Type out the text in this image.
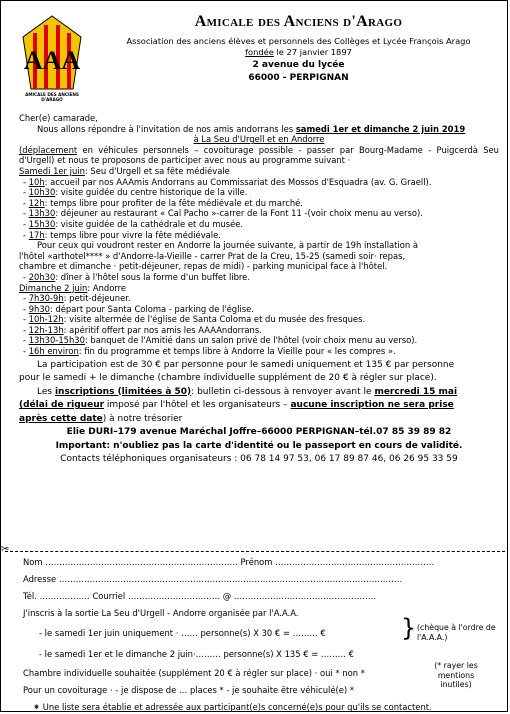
AAA
AMICALE DES ANCIENS
D'ARAGO
Amicale des Anciens d'Arago
Association des anciens élèves et personnels des Collèges et Lycée François Arago
fondée le 27 janvier 1897
2 avenue du lycée
66000 - PERPIGNAN
Cher(e) camarade,
Nous allons répondre à l'invitation de nos amis andorrans les samedi 1er et dimanche 2 juin 2019
à La Seu d'Urgell et en Andorre
(déplacement en véhicules personnels – covoiturage possible - passer par Bourg-Madame - Puigcerdà Seu d'Urgell) et nous te proposons de participer avec nous au programme suivant ·
Samedi 1er juin: Seu d'Urgell et sa fête médiévale
- 10h: accueil par nos AAAmis Andorrans au Commissariat des Mossos d'Esquadra (av. G. Graell).
- 10h30: visite guidée du centre historique de la ville.
- 12h: temps libre pour profiter de la fête médiévale et du marché.
- 13h30: déjeuner au restaurant « Cal Pacho »-carrer de la Font 11 -(voir choix menu au verso).
- 15h30: visite guidée de la cathédrale et du musée.
- 17h: temps libre pour vivre la fête médiévale.
Pour ceux qui voudront rester en Andorre la journée suivante, à partir de 19h installation à
l'hôtel «arthotel**** » d'Andorre-la-Vieille - carrer Prat de la Creu, 15-25 (samedi soir· repas,
chambre et dimanche · petit-déjeuner, repas de midi) - parking municipal face à l'hôtel.
- 20h30: dîner à l'hôtel sous la forme d'un buffet libre.
Dimanche 2 juin: Andorre
- 7h30-9h: petit-déjeuner.
- 9h30: départ pour Santa Coloma - parking de l'église.
- 10h-12h: visite altermée de l'église de Santa Coloma et du musée des fresques.
- 12h-13h: apéritif offert par nos amis les AAAAndorrans.
- 13h30-15h30: banquet de l'Amitié dans un salon privé de l'hôtel (voir choix menu au verso).
- 16h environ: fin du programme et temps libre à Andorre la Vieille pour « les compres ».
La participation est de 30 € par personne pour le samedi uniquement et 135 € par personne
pour le samedi + le dimanche (chambre individuelle supplément de 20 € à régler sur place).
Les inscriptions (limitées à 50): bulletin ci-dessous à renvoyer avant le mercredi 15 mai
(délai de rigueur imposé par l'hôtel et les organisateurs – aucune inscription ne sera prise
après cette date) à notre trésorier
Elie DURI–179 avenue Maréchal Joffre–66000 PERPIGNAN–tél.07 85 39 89 82
Important: n'oubliez pas la carte d'identité ou le passeport en cours de validité.
Contacts téléphoniques organisateurs : 06 78 14 97 53, 06 17 89 87 46, 06 26 95 33 59
✂
Nom …………………………………………………………… Prénom …………………………………………………
Adresse ……………………………………………………………………………………………………………
Tél. ……………… Courriel …………………………… @ ……………………………………………
J'inscris à la sortie La Seu d'Urgell - Andorre organisée par l'A.A.A.
- le samedi 1er juin uniquement · …… personne(s) X 30 € = ……… €
- le samedi 1er et le dimanche 2 juin·……… personne(s) X 135 € = ……… €
Chambre individuelle souhaitée (supplément 20 € à régler sur place) · oui * non *
Pour un covoiturage · - je dispose de … places * - je souhaite être véhiculé(e) *
⁕ Une liste sera établie et adressée aux participant(e)s concerné(e)s pour qu'ils se contactent.
} (chèque à l'ordre de l'A.A.A.)
(* rayer les mentions inutiles)
